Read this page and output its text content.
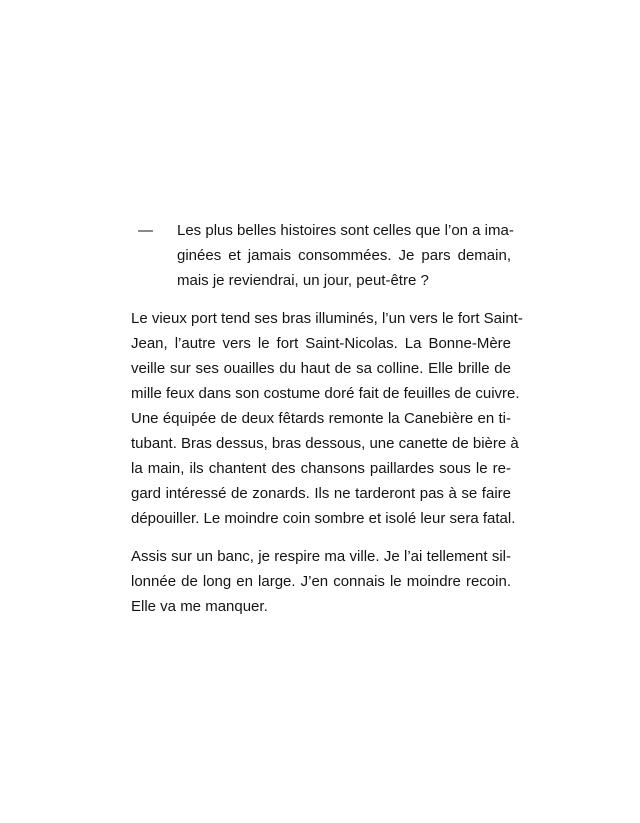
—	Les plus belles histoires sont celles que l’on a ima-
ginées et jamais consommées. Je pars demain,
mais je reviendrai, un jour, peut-être ?
Le vieux port tend ses bras illuminés, l’un vers le fort Saint-
Jean, l’autre vers le fort Saint-Nicolas. La Bonne-Mère
veille sur ses ouailles du haut de sa colline. Elle brille de
mille feux dans son costume doré fait de feuilles de cuivre.
Une équipée de deux fêtards remonte la Canebière en ti-
tubant. Bras dessus, bras dessous, une canette de bière à
la main, ils chantent des chansons paillardes sous le re-
gard intéressé de zonards. Ils ne tarderont pas à se faire
dépouiller. Le moindre coin sombre et isolé leur sera fatal.
Assis sur un banc, je respire ma ville. Je l’ai tellement sil-
lonnée de long en large. J’en connais le moindre recoin.
Elle va me manquer.
